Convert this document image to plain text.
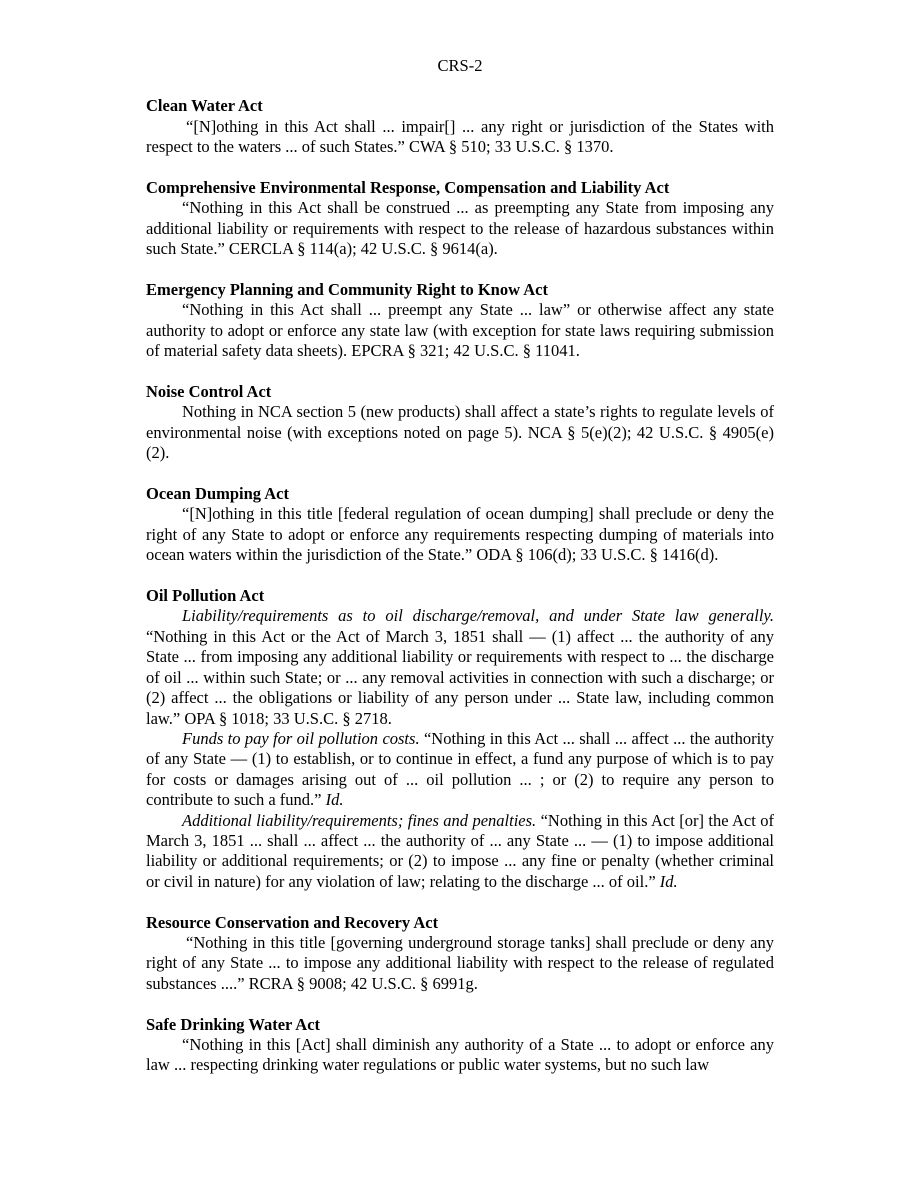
CRS-2
Clean Water Act
“[N]othing in this Act shall ... impair[] ... any right or jurisdiction of the States with respect to the waters ... of such States.” CWA § 510; 33 U.S.C. § 1370.
Comprehensive Environmental Response, Compensation and Liability Act
“Nothing in this Act shall be construed ... as preempting any State from imposing any additional liability or requirements with respect to the release of hazardous substances within such State.” CERCLA § 114(a); 42 U.S.C. § 9614(a).
Emergency Planning and Community Right to Know Act
“Nothing in this Act shall ... preempt any State ... law” or otherwise affect any state authority to adopt or enforce any state law (with exception for state laws requiring submission of material safety data sheets). EPCRA § 321; 42 U.S.C. § 11041.
Noise Control Act
Nothing in NCA section 5 (new products) shall affect a state’s rights to regulate levels of environmental noise (with exceptions noted on page 5). NCA § 5(e)(2); 42 U.S.C. § 4905(e)(2).
Ocean Dumping Act
“[N]othing in this title [federal regulation of ocean dumping] shall preclude or deny the right of any State to adopt or enforce any requirements respecting dumping of materials into ocean waters within the jurisdiction of the State.” ODA § 106(d); 33 U.S.C. § 1416(d).
Oil Pollution Act
Liability/requirements as to oil discharge/removal, and under State law generally. “Nothing in this Act or the Act of March 3, 1851 shall — (1) affect ... the authority of any State ... from imposing any additional liability or requirements with respect to ... the discharge of oil ... within such State; or ... any removal activities in connection with such a discharge; or (2) affect ... the obligations or liability of any person under ... State law, including common law.” OPA § 1018; 33 U.S.C. § 2718.
Funds to pay for oil pollution costs. “Nothing in this Act ... shall ... affect ... the authority of any State — (1) to establish, or to continue in effect, a fund any purpose of which is to pay for costs or damages arising out of ... oil pollution ... ; or (2) to require any person to contribute to such a fund.” Id.
Additional liability/requirements; fines and penalties. “Nothing in this Act [or] the Act of March 3, 1851 ... shall ... affect ... the authority of ... any State ... — (1) to impose additional liability or additional requirements; or (2) to impose ... any fine or penalty (whether criminal or civil in nature) for any violation of law; relating to the discharge ... of oil.” Id.
Resource Conservation and Recovery Act
“Nothing in this title [governing underground storage tanks] shall preclude or deny any right of any State ... to impose any additional liability with respect to the release of regulated substances ....” RCRA § 9008; 42 U.S.C. § 6991g.
Safe Drinking Water Act
“Nothing in this [Act] shall diminish any authority of a State ... to adopt or enforce any law ... respecting drinking water regulations or public water systems, but no such law
